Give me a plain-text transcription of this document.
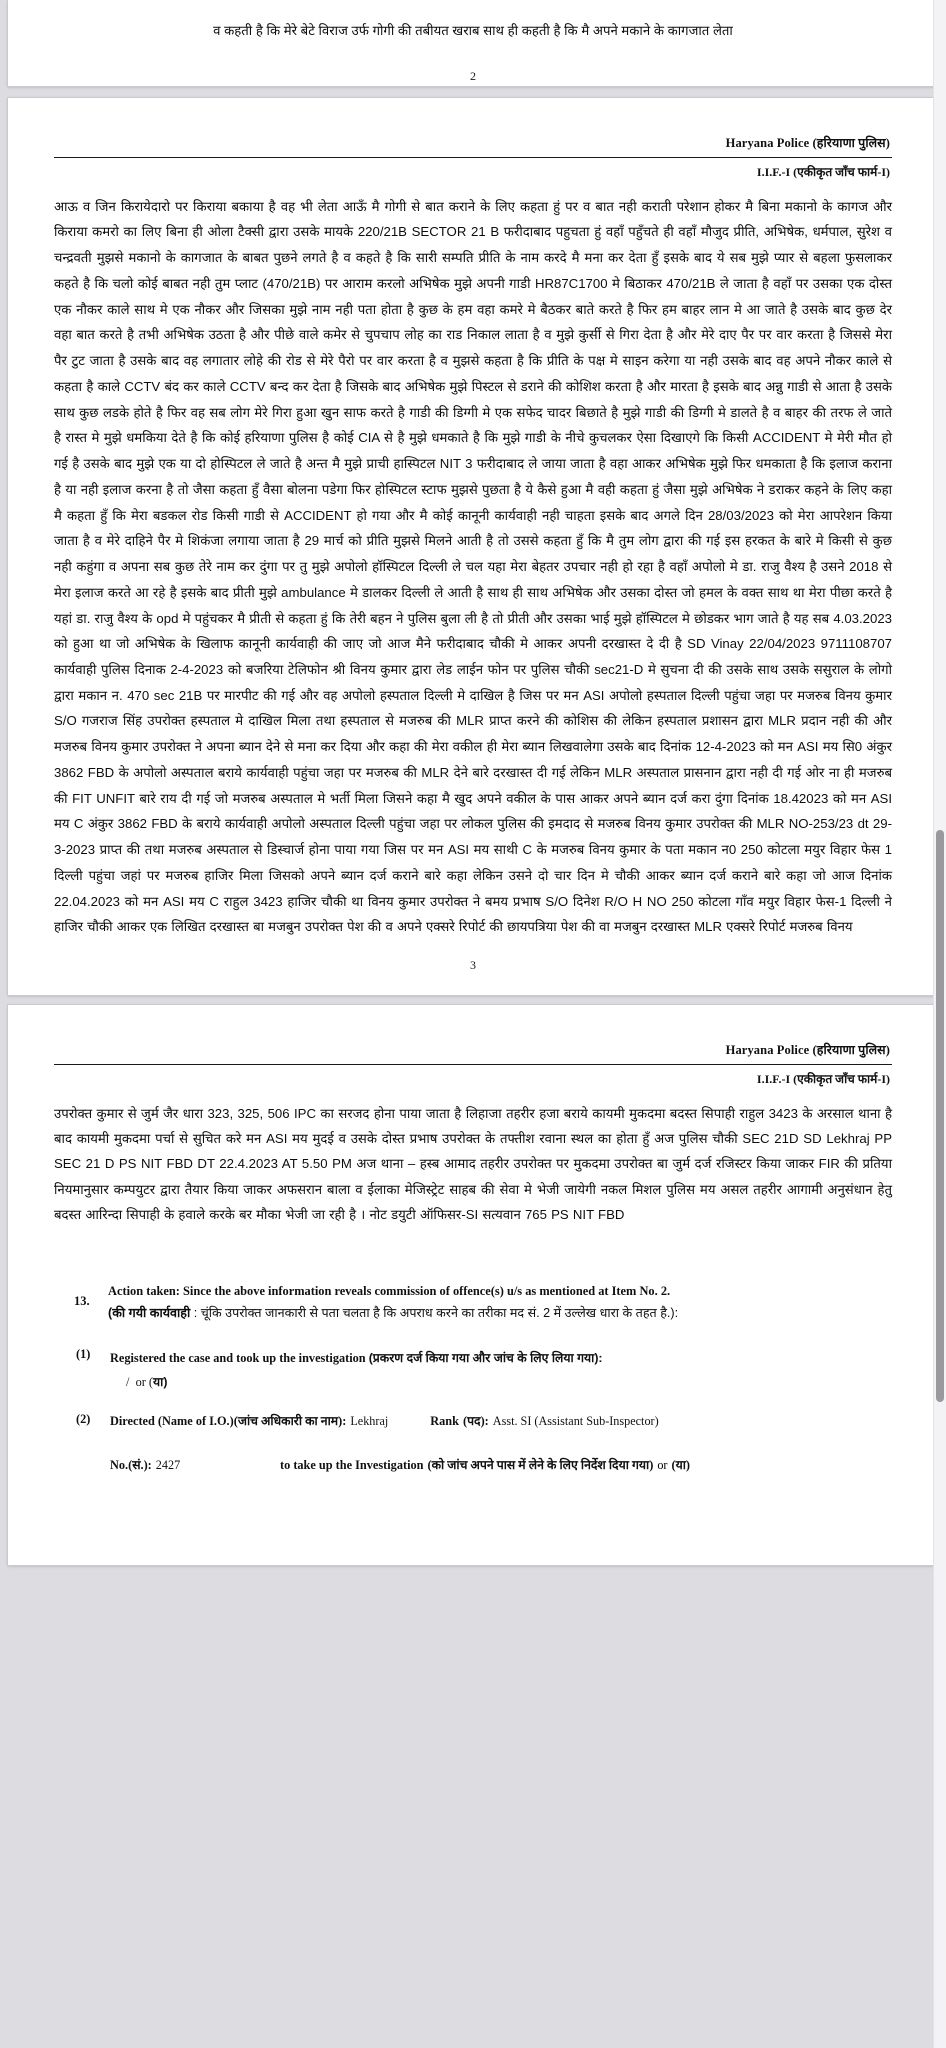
व कहती है कि मेरे बेटे विराज उर्फ गोगी की तबीयत खराब साथ ही कहती है कि मै अपने मकाने के कागजात लेता
2
Haryana Police (हरियाणा पुलिस)
I.I.F.-I (एकीकृत जाँच फार्म-I)
आऊ व जिन किरायेदारो पर किराया बकाया है वह भी लेता आऊँ मै गोगी से बात कराने के लिए कहता हुं पर व बात नही कराती परेशान होकर मै बिना मकानो के कागज और किराया कमरो का लिए बिना ही ओला टैक्सी द्वारा उसके मायके 220/21B SECTOR 21 B फरीदाबाद पहुचता हुं वहाँ पहुँचते ही वहाँ मौजुद प्रीति, अभिषेक, धर्मपाल, सुरेश व चन्द्रवती मुझसे मकानो के कागजात के बाबत पुछने लगते है व कहते है कि सारी सम्पति प्रीति के नाम करदे मै मना कर देता हुँ इसके बाद ये सब मुझे प्यार से बहला फुसलाकर कहते है कि चलो कोई बाबत नही तुम प्लाट (470/21B) पर आराम करलो अभिषेक मुझे अपनी गाडी HR87C1700 मे बिठाकर 470/21B ले जाता है वहाँ पर उसका एक दोस्त एक नौकर काले साथ मे एक नौकर और जिसका मुझे नाम नही पता होता है कुछ के हम वहा कमरे मे बैठकर बाते करते है फिर हम बाहर लान मे आ जाते है उसके बाद कुछ देर वहा बात करते है तभी अभिषेक उठता है और पीछे वाले कमेर से चुपचाप लोह का राड निकाल लाता है व मुझे कुर्सी से गिरा देता है और मेरे दाए पैर पर वार करता है जिससे मेरा पैर टुट जाता है उसके बाद वह लगातार लोहे की रोड से मेरे पैरो पर वार करता है व मुझसे कहता है कि प्रीति के पक्ष मे साइन करेगा या नही उसके बाद वह अपने नौकर काले से कहता है काले CCTV बंद कर काले CCTV बन्द कर देता है जिसके बाद अभिषेक मुझे पिस्टल से डराने की कोशिश करता है और मारता है इसके बाद अन्नु गाडी से आता है उसके साथ कुछ लडके होते है फिर वह सब लोग मेरे गिरा हुआ खुन साफ करते है गाडी की डिग्गी मे एक सफेद चादर बिछाते है मुझे गाडी की डिग्गी मे डालते है व बाहर की तरफ ले जाते है रास्त मे मुझे धमकिया देते है कि कोई हरियाणा पुलिस है कोई CIA से है मुझे धमकाते है कि मुझे गाडी के नीचे कुचलकर ऐसा दिखाएगे कि किसी ACCIDENT मे मेरी मौत हो गई है उसके बाद मुझे एक या दो होस्पिटल ले जाते है अन्त मै मुझे प्राची हास्पिटल NIT 3 फरीदाबाद ले जाया जाता है वहा आकर अभिषेक मुझे फिर धमकाता है कि इलाज कराना है या नही इलाज करना है तो जैसा कहता हुँ वैसा बोलना पडेगा फिर होस्पिटल स्टाफ मुझसे पुछता है ये कैसे हुआ मै वही कहता हुं जैसा मुझे अभिषेक ने डराकर कहने के लिए कहा मै कहता हुँ कि मेरा बडकल रोड किसी गाडी से ACCIDENT हो गया और मै कोई कानूनी कार्यवाही नही चाहता इसके बाद अगले दिन 28/03/2023 को मेरा आपरेशन किया जाता है व मेरे दाहिने पैर मे शिकंजा लगाया जाता है 29 मार्च को प्रीति मुझसे मिलने आती है तो उससे कहता हुँ कि मै तुम लोग द्वारा की गई इस हरकत के बारे मे किसी से कुछ नही कहुंगा व अपना सब कुछ तेरे नाम कर दुंगा पर तु मुझे अपोलो हॉस्पिटल दिल्ली ले चल यहा मेरा बेहतर उपचार नही हो रहा है वहाँ अपोलो मे डा. राजु वैश्य है उसने 2018 से मेरा इलाज करते आ रहे है इसके बाद प्रीती मुझे ambulance मे डालकर दिल्ली ले आती है साथ ही साथ अभिषेक और उसका दोस्त जो हमल के वक्त साथ था मेरा पीछा करते है यहां डा. राजु वैश्य के opd मे पहुंचकर मै प्रीती से कहता हुं कि तेरी बहन ने पुलिस बुला ली है तो प्रीती और उसका भाई मुझे हॉस्पिटल मे छोडकर भाग जाते है यह सब 4.03.2023 को हुआ था जो अभिषेक के खिलाफ कानूनी कार्यवाही की जाए जो आज मैने फरीदाबाद चौकी मे आकर अपनी दरखास्त दे दी है SD Vinay 22/04/2023 9711108707 कार्यवाही पुलिस दिनाक 2-4-2023 को बजरिया टेलिफोन श्री विनय कुमार द्वारा लेड लाईन फोन पर पुलिस चौकी sec21-D मे सुचना दी की उसके साथ उसके ससुराल के लोगो द्वारा मकान न. 470 sec 21B पर मारपीट की गई और वह अपोलो हस्पताल दिल्ली मे दाखिल है जिस पर मन ASI अपोलो हस्पताल दिल्ली पहुंचा जहा पर मजरुब विनय कुमार S/O गजराज सिंह उपरोक्त हस्पताल मे दाखिल मिला तथा हस्पताल से मजरुब की MLR प्राप्त करने की कोशिस की लेकिन हस्पताल प्रशासन द्वारा MLR प्रदान नही की और मजरुब विनय कुमार उपरोक्त ने अपना ब्यान देने से मना कर दिया और कहा की मेरा वकील ही मेरा ब्यान लिखवालेगा उसके बाद दिनांक 12-4-2023 को मन ASI मय सि0 अंकुर 3862 FBD के अपोलो अस्पताल बराये कार्यवाही पहुंचा जहा पर मजरुब की MLR देने बारे दरखास्त दी गई लेकिन MLR अस्पताल प्रासनान द्वारा नही दी गई ओर ना ही मजरुब की FIT UNFIT बारे राय दी गई जो मजरुब अस्पताल मे भर्ती मिला जिसने कहा मै खुद अपने वकील के पास आकर अपने ब्यान दर्ज करा दुंगा दिनांक 18.42023 को मन ASI मय C अंकुर 3862 FBD के बराये कार्यवाही अपोलो अस्पताल दिल्ली पहुंचा जहा पर लोकल पुलिस की इमदाद से मजरुब विनय कुमार उपरोक्त की MLR NO-253/23 dt 29-3-2023 प्राप्त की तथा मजरुब अस्पताल से डिस्चार्ज होना पाया गया जिस पर मन ASI मय साथी C के मजरुब विनय कुमार के पता मकान न0 250 कोटला मयुर विहार फेस 1 दिल्ली पहुंचा जहां पर मजरुब हाजिर मिला जिसको अपने ब्यान दर्ज कराने बारे कहा लेकिन उसने दो चार दिन मे चौकी आकर ब्यान दर्ज कराने बारे कहा जो आज दिनांक 22.04.2023 को मन ASI मय C राहुल 3423 हाजिर चौकी था विनय कुमार उपरोक्त ने बमय प्रभाष S/O दिनेश R/O H NO 250 कोटला गाँव मयुर विहार फेस-1 दिल्ली ने हाजिर चौकी आकर एक लिखित दरखास्त बा मजबुन उपरोक्त पेश की व अपने एक्सरे रिपोर्ट की छायपत्रिया पेश की वा मजबुन दरखास्त MLR एक्सरे रिपोर्ट मजरुब विनय
3
Haryana Police (हरियाणा पुलिस)
I.I.F.-I (एकीकृत जाँच फार्म-I)
उपरोक्त कुमार से जुर्म जैर धारा 323, 325, 506 IPC का सरजद होना पाया जाता है लिहाजा तहरीर हजा बराये कायमी मुकदमा बदस्त सिपाही राहुल 3423 के अरसाल थाना है बाद कायमी मुकदमा पर्चा से सुचित करे मन ASI मय मुदई व उसके दोस्त प्रभाष उपरोक्त के तफ्तीश रवाना स्थल का होता हुँ अज पुलिस चौकी SEC 21D SD Lekhraj PP SEC 21 D PS NIT FBD DT 22.4.2023 AT 5.50 PM अज थाना – हस्ब आमाद तहरीर उपरोक्त पर मुकदमा उपरोक्त बा जुर्म दर्ज रजिस्टर किया जाकर FIR की प्रतिया नियमानुसार कम्पयुटर द्वारा तैयार किया जाकर अफसरान बाला व ईलाका मेजिस्ट्रेट साहब की सेवा मे भेजी जायेगी नकल मिशल पुलिस मय असल तहरीर आगामी अनुसंधान हेतु बदस्त आरिन्दा सिपाही के हवाले करके बर मौका भेजी जा रही है । नोट डयुटी ऑफिसर-SI सत्यवान 765 PS NIT FBD
13.
Action taken: Since the above information reveals commission of offence(s) u/s as mentioned at Item No. 2.
(की गयी कार्यवाही : चूंकि उपरोक्त जानकारी से पता चलता है कि अपराध करने का तरीका मद सं. 2 में उल्लेख धारा के तहत है.):
(1)	Registered the case and took up the investigation (प्रकरण दर्ज किया गया और जांच के लिए लिया गया):
/ or (या)
(2)	Directed (Name of I.O.)(जांच अधिकारी का नाम): Lekhraj	Rank (पद): Asst. SI (Assistant Sub-Inspector)
No.(सं.): 2427	to take up the Investigation (को जांच अपने पास में लेने के लिए निर्देश दिया गया) or (या)
